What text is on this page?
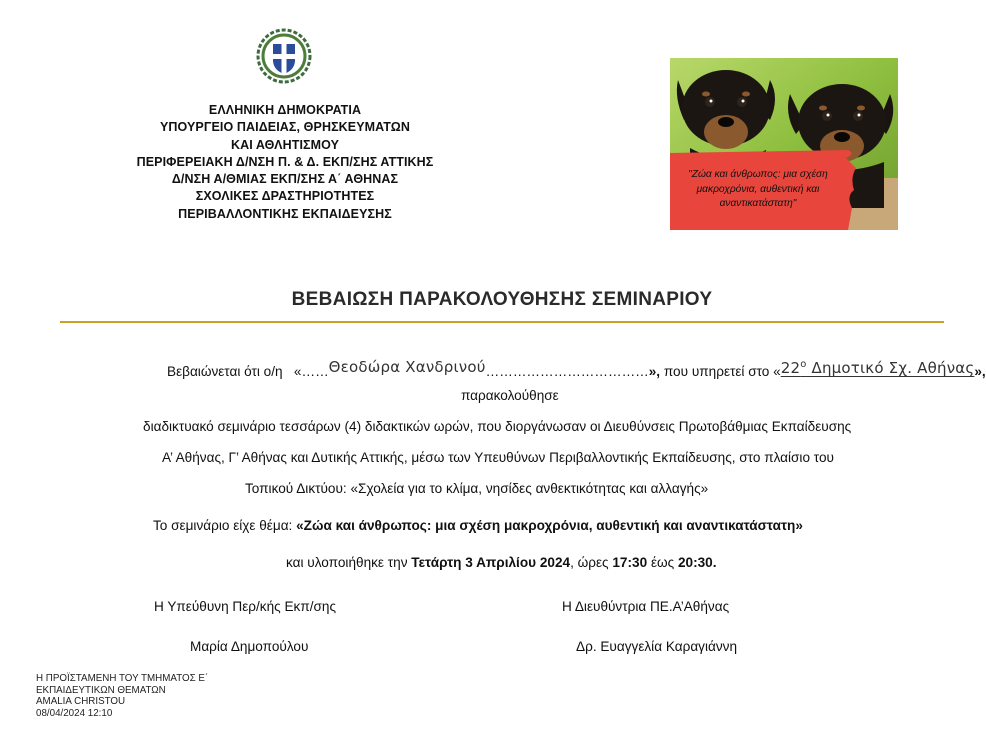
ΕΛΛΗΝΙΚΗ ΔΗΜΟΚΡΑΤΙΑ
ΥΠΟΥΡΓΕΙΟ ΠΑΙΔΕΙΑΣ, ΘΡΗΣΚΕΥΜΑΤΩΝ
ΚΑΙ ΑΘΛΗΤΙΣΜΟΥ
ΠΕΡΙΦΕΡΕΙΑΚΗ Δ/ΝΣΗ Π. & Δ. ΕΚΠ/ΣΗΣ ΑΤΤΙΚΗΣ
Δ/ΝΣΗ Α/ΘΜΙΑΣ ΕΚΠ/ΣΗΣ Α΄ ΑΘΗΝΑΣ
ΣΧΟΛΙΚΕΣ ΔΡΑΣΤΗΡΙΟΤΗΤΕΣ
ΠΕΡΙΒΑΛΛΟΝΤΙΚΗΣ ΕΚΠΑΙΔΕΥΣΗΣ
"Ζώα και άνθρωπος: μια σχέση μακροχρόνια, αυθεντική και αναντικατάστατη"
ΒΕΒΑΙΩΣΗ ΠΑΡΑΚΟΛΟΥΘΗΣΗΣ ΣΕΜΙΝΑΡΙΟΥ
Βεβαιώνεται ότι ο/η «……Θεοδώρα Χανδρινού………………………………», που υπηρετεί στο «$22^o$ Δημοτικό Σχ. Αθήνας»,
παρακολούθησε
διαδικτυακό σεμινάριο τεσσάρων (4) διδακτικών ωρών, που διοργάνωσαν οι Διευθύνσεις Πρωτοβάθμιας Εκπαίδευσης
Α’ Αθήνας, Γ’ Αθήνας και Δυτικής Αττικής, μέσω των Υπευθύνων Περιβαλλοντικής Εκπαίδευσης, στο πλαίσιο του
Τοπικού Δικτύου: «Σχολεία για το κλίμα, νησίδες ανθεκτικότητας και αλλαγής»
Το σεμινάριο είχε θέμα: «Ζώα και άνθρωπος: μια σχέση μακροχρόνια, αυθεντική και αναντικατάστατη»
και υλοποιήθηκε την Τετάρτη 3 Απριλίου 2024, ώρες 17:30 έως 20:30.
Η Υπεύθυνη Περ/κής Εκπ/σης
Μαρία Δημοπούλου
Η Διευθύντρια ΠΕ.Α’Αθήνας
Δρ. Ευαγγελία Καραγιάννη
Η ΠΡΟΪΣΤΑΜΕΝΗ ΤΟΥ ΤΜΗΜΑΤΟΣ Ε΄
ΕΚΠΑΙΔΕΥΤΙΚΩΝ ΘΕΜΑΤΩΝ
AMALIA CHRISTOU
08/04/2024 12:10
